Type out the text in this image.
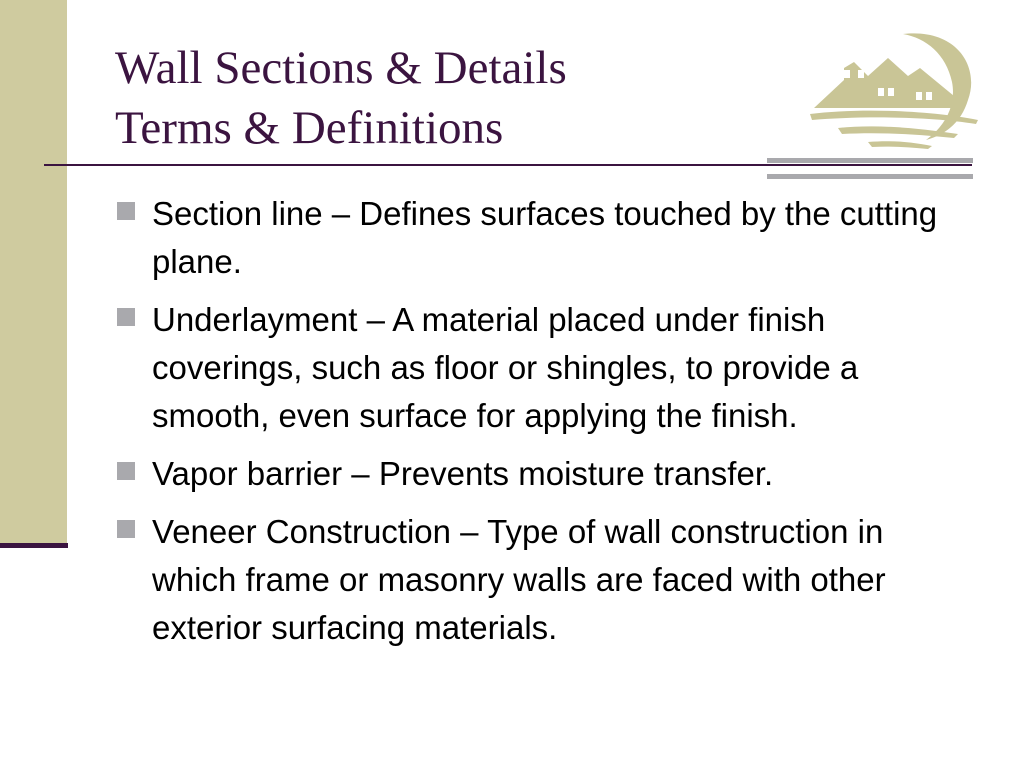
Wall Sections & Details
Terms & Definitions
Section line – Defines surfaces touched by the cutting plane.
Underlayment – A material placed under finish coverings, such as floor or shingles, to provide a smooth, even surface for applying the finish.
Vapor barrier – Prevents moisture transfer.
Veneer Construction – Type of wall construction in which frame or masonry walls are faced with other exterior surfacing materials.
